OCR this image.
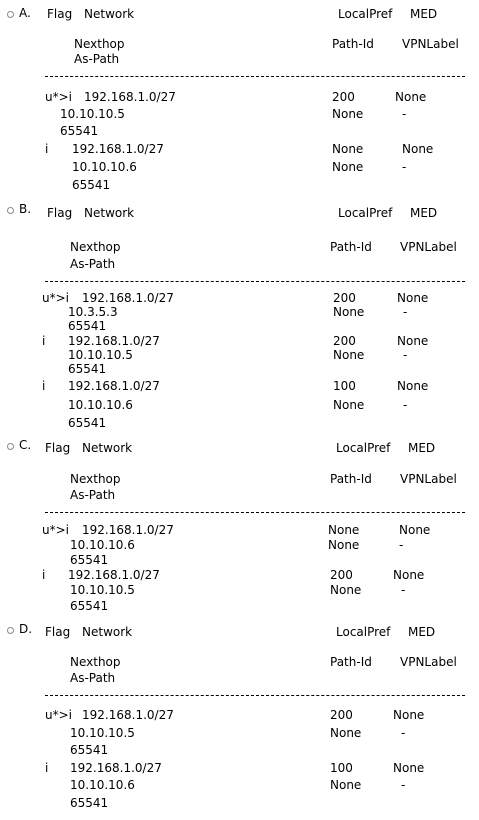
A. Flag Network	LocalPref MED
Nexthop	Path-Id VPNLabel
As-Path
u*>i 192.168.1.0/27	200	None
10.10.10.5	None	-
65541
i 192.168.1.0/27	None	None
10.10.10.6	None	-
65541
B. Flag Network	LocalPref MED
Nexthop	Path-Id VPNLabel
As-Path
u*>i 192.168.1.0/27	200	None
10.3.5.3	None	-
65541
i 192.168.1.0/27	200	None
10.10.10.5	None	-
65541
i 192.168.1.0/27	100	None
10.10.10.6	None	-
65541
C. Flag Network	LocalPref MED
Nexthop	Path-Id VPNLabel
As-Path
u*>i 192.168.1.0/27	None	None
10.10.10.6	None	-
65541
i 192.168.1.0/27	200	None
10.10.10.5	None	-
65541
D. Flag Network	LocalPref MED
Nexthop	Path-Id VPNLabel
As-Path
u*>i 192.168.1.0/27	200	None
10.10.10.5	None	-
65541
i 192.168.1.0/27	100	None
10.10.10.6	None	-
65541
